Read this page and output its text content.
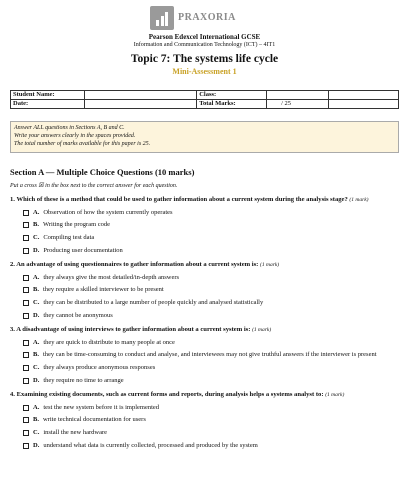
PRAXORIA
Pearson Edexcel International GCSE
Information and Communication Technology (ICT) – 4IT1
Topic 7: The systems life cycle
Mini-Assessment 1
Student Name:		Class:		
Date:		Total Marks:	/ 25	
Answer ALL questions in Sections A, B and C.
Write your answers clearly in the spaces provided.
The total number of marks available for this paper is 25.
Section A — Multiple Choice Questions (10 marks)
Put a cross ☒ in the box next to the correct answer for each question.
1. Which of these is a method that could be used to gather information about a current system during the analysis stage? (1 mark)
A. Observation of how the system currently operates
B. Writing the program code
C. Compiling test data
D. Producing user documentation
2. An advantage of using questionnaires to gather information about a current system is: (1 mark)
A. they always give the most detailed/in-depth answers
B. they require a skilled interviewer to be present
C. they can be distributed to a large number of people quickly and analysed statistically
D. they cannot be anonymous
3. A disadvantage of using interviews to gather information about a current system is: (1 mark)
A. they are quick to distribute to many people at once
B. they can be time-consuming to conduct and analyse, and interviewees may not give truthful answers if the interviewer is present
C. they always produce anonymous responses
D. they require no time to arrange
4. Examining existing documents, such as current forms and reports, during analysis helps a systems analyst to: (1 mark)
A. test the new system before it is implemented
B. write technical documentation for users
C. install the new hardware
D. understand what data is currently collected, processed and produced by the system
